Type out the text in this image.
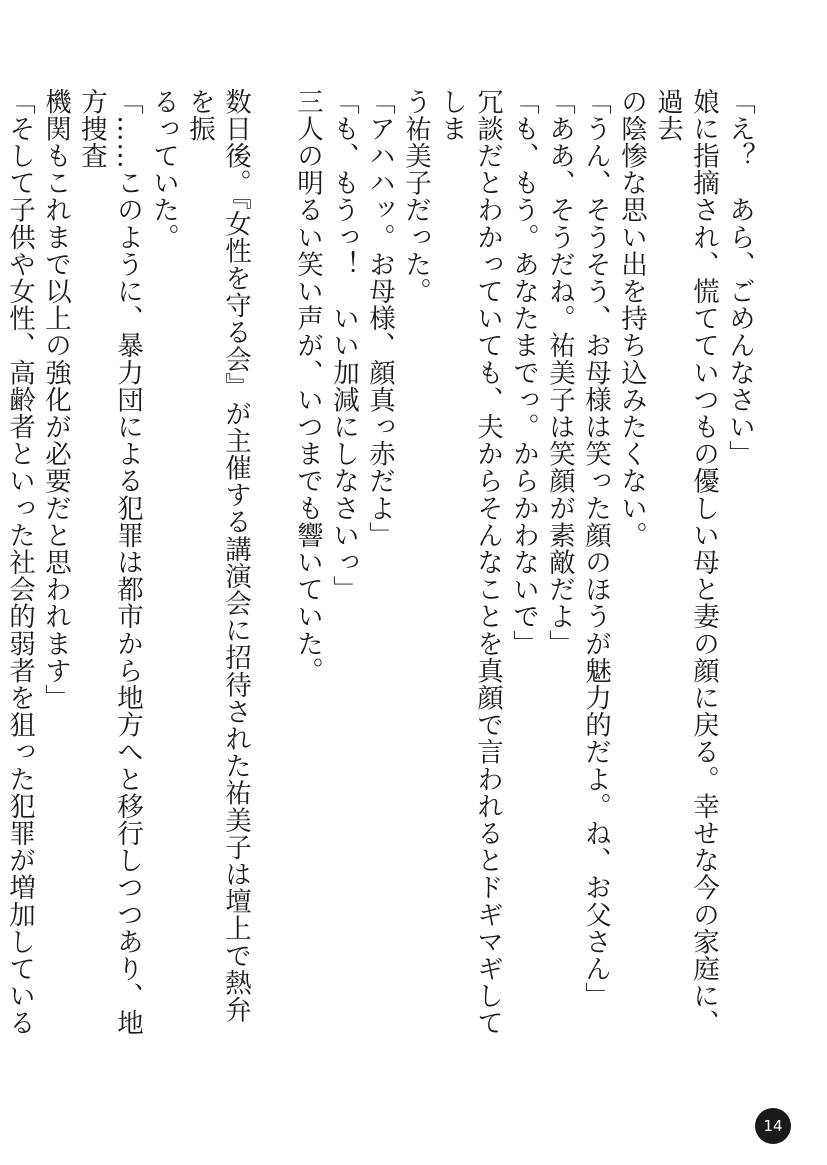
「え？　あら、ごめんなさい」
娘に指摘され、慌てていつもの優しい母と妻の顔に戻る。幸せな今の家庭に、過去
の陰惨な思い出を持ち込みたくない。
「うん、そうそう、お母様は笑った顔のほうが魅力的だよ。ね、お父さん」
「ああ、そうだね。祐美子は笑顔が素敵だよ」
「も、もう。あなたまでっ。からかわないで」
冗談だとわかっていても、夫からそんなことを真顔で言われるとドギマギしてしま
う祐美子だった。
「アハハッ。お母様、顔真っ赤だよ」
「も、もうっ！　いい加減にしなさいっ」
三人の明るい笑い声が、いつまでも響いていた。
数日後。『女性を守る会』が主催する講演会に招待された祐美子は壇上で熱弁を振
るっていた。
「……このように、暴力団による犯罪は都市から地方へと移行しつつあり、地方捜査
機関もこれまで以上の強化が必要だと思われます」
「そして子供や女性、高齢者といった社会的弱者を狙った犯罪が増加している
14
